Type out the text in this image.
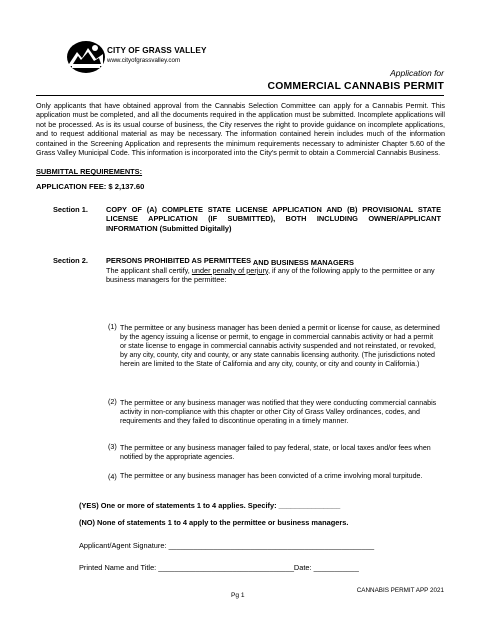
CITY OF GRASS VALLEY
www.cityofgrassvalley.com
Application for
COMMERCIAL CANNABIS PERMIT
Only applicants that have obtained approval from the Cannabis Selection Committee can apply for a Cannabis Permit. This application must be completed, and all the documents required in the application must be submitted. Incomplete applications will not be processed. As is its usual course of business, the City reserves the right to provide guidance on incomplete applications, and to request additional material as may be necessary. The information contained herein includes much of the information contained in the Screening Application and represents the minimum requirements necessary to administer Chapter 5.60 of the Grass Valley Municipal Code. This information is incorporated into the City's permit to obtain a Commercial Cannabis Business.
SUBMITTAL REQUIREMENTS:
APPLICATION FEE: $ 2,137.60
Section 1. COPY OF (A) COMPLETE STATE LICENSE APPLICATION AND (B) PROVISIONAL STATE LICENSE APPLICATION (IF SUBMITTED), BOTH INCLUDING OWNER/APPLICANT INFORMATION (Submitted Digitally)
Section 2. PERSONS PROHIBITED AS PERMITTEES AND BUSINESS MANAGERS
The applicant shall certify, under penalty of perjury, if any of the following apply to the permittee or any business managers for the permittee:
(1) The permittee or any business manager has been denied a permit or license for cause, as determined by the agency issuing a license or permit, to engage in commercial cannabis activity or had a permit or state license to engage in commercial cannabis activity suspended and not reinstated, or revoked, by any city, county, city and county, or any state cannabis licensing authority. (The jurisdictions noted herein are limited to the State of California and any city, county, or city and county in California.)
(2) The permittee or any business manager was notified that they were conducting commercial cannabis activity in non-compliance with this chapter or other City of Grass Valley ordinances, codes, and requirements and they failed to discontinue operating in a timely manner.
(3) The permittee or any business manager failed to pay federal, state, or local taxes and/or fees when notified by the appropriate agencies.
(4) The permittee or any business manager has been convicted of a crime involving moral turpitude.
(YES) One or more of statements 1 to 4 applies. Specify: _______________
(NO) None of statements 1 to 4 apply to the permittee or business managers.
Applicant/Agent Signature: __________________________________________________
Printed Name and Title: _________________________________Date: ___________
Pg 1
CANNABIS PERMIT APP 2021
